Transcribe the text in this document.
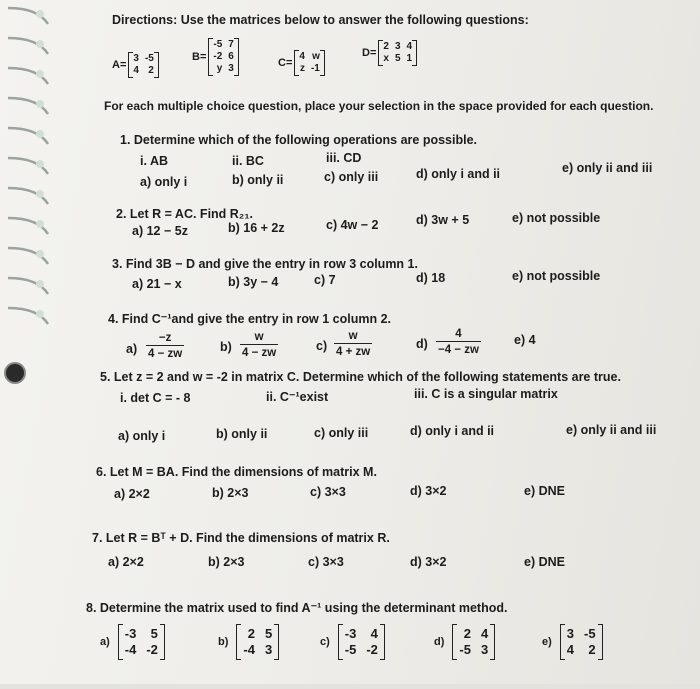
Directions: Use the matrices below to answer the following questions:
A=
3 -5
4 2
B=
-5 7
-2 6
y 3	C=
4 w
z -1
D=
2 3 4
x 5 1
For each multiple choice question, place your selection in the space provided for each question.
1. Determine which of the following operations are possible.
i. AB	ii. BC	iii. CD
a) only i	b) only ii	c) only iii	d) only i and ii	e) only ii and iii
2. Let R = AC. Find R₂₁.
a) 12 − 5z	b) 16 + 2z	c) 4w − 2	d) 3w + 5	e) not possible
3. Find 3B − D and give the entry in row 3 column 1.
a) 21 − x	b) 3y − 4	c) 7	d) 18	e) not possible
4. Find C⁻¹and give the entry in row 1 column 2.
$a) \frac{-z}{4 - zw}$	$b) \frac{w}{4 - zw}$	$c) \frac{w}{4 + zw}$	$d) \frac{4}{-4 - zw}$	e) 4
5. Let z = 2 and w = -2 in matrix C. Determine which of the following statements are true.
i. det C = - 8	ii. C⁻¹exist	iii. C is a singular matrix
a) only i	b) only ii	c) only iii	d) only i and ii	e) only ii and iii
6. Let M = BA. Find the dimensions of matrix M.
a) 2×2	b) 2×3	c) 3×3	d) 3×2	e) DNE
7. Let R = Bᵀ + D. Find the dimensions of matrix R.
a) 2×2	b) 2×3	c) 3×3	d) 3×2	e) DNE
8. Determine the matrix used to find A⁻¹ using the determinant method.
a)
-3	5
-4 -2
b)
2 5
-4 3
c)
-3	4
-5 -2
d)
2 4
-5 3
e)
3 -5
4	2
